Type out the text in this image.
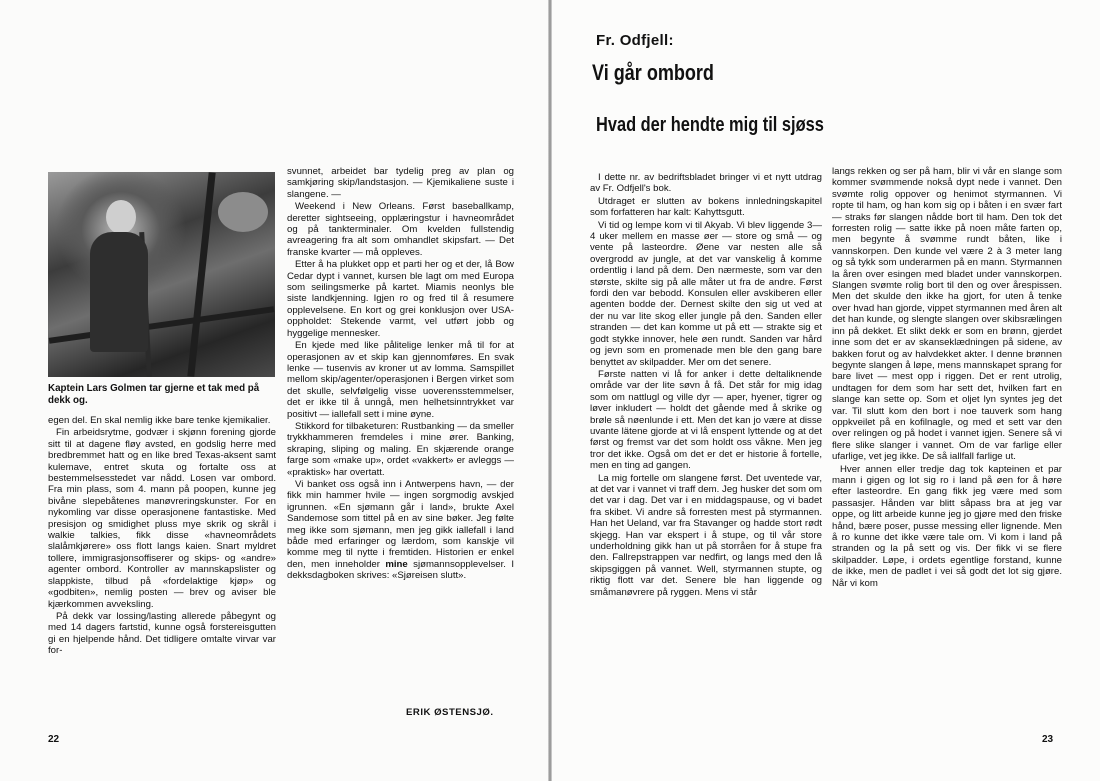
Kaptein Lars Golmen tar gjerne et tak med på dekk og.

egen del. En skal nemlig ikke bare tenke kjemikalier.

Fin arbeidsrytme, godvær i skjønn forening gjorde sitt til at dagene fløy avsted, en godslig herre med bredbremmet hatt og en like bred Texas-aksent samt kulemave, entret skuta og fortalte oss at bestemmelsesstedet var nådd. Losen var ombord. Fra min plass, som 4. mann på poopen, kunne jeg bivåne slepebåtenes manøvreringskunster. For en nykomling var disse operasjonene fantastiske. Med presisjon og smidighet pluss mye skrik og skrål i walkie talkies, fikk disse «havneområdets slalåmkjørere» oss flott langs kaien. Snart myldret tollere, immigrasjonsoffiserer og skips- og «andre» agenter ombord. Kontroller av mannskapslister og slappkiste, tilbud på «fordelaktige kjøp» og «godbiten», nemlig posten — brev og aviser ble kjærkommen avveksling.

På dekk var lossing/lasting allerede påbegynt og med 14 dagers fartstid, kunne også forstereisgutten gi en hjelpende hånd. Det tidligere omtalte virvar var for-

svunnet, arbeidet bar tydelig preg av plan og samkjøring skip/landstasjon. — Kjemikaliene suste i slangene. —

Weekend i New Orleans. Først baseballkamp, deretter sightseeing, opplæringstur i havneområdet og på tankterminaler. Om kvelden fullstendig avreagering fra alt som omhandlet skipsfart. — Det franske kvarter — må oppleves.

Etter å ha plukket opp et parti her og et der, lå Bow Cedar dypt i vannet, kursen ble lagt om med Europa som seilingsmerke på kartet. Miamis neonlys ble siste landkjenning. Igjen ro og fred til å resumere opplevelsene. En kort og grei konklusjon over USA-oppholdet: Stekende varmt, vel utført jobb og hyggelige mennesker.

En kjede med like pålitelige lenker må til for at operasjonen av et skip kan gjennomføres. En svak lenke — tusenvis av kroner ut av lomma. Samspillet mellom skip/agenter/operasjonen i Bergen virket som det skulle, selvfølgelig visse uoverensstemmelser, det er ikke til å unngå, men helhetsinntrykket var positivt — iallefall sett i mine øyne.

Stikkord for tilbaketuren: Rustbanking — da smeller trykkhammeren fremdeles i mine ører. Banking, skraping, sliping og maling. En skjærende orange farge som «make up», ordet «vakkert» er avleggs — «praktisk» har overtatt.

Vi banket oss også inn i Antwerpens havn, — der fikk min hammer hvile — ingen sorgmodig avskjed igrunnen. «En sjømann går i land», brukte Axel Sandemose som tittel på en av sine bøker. Jeg følte meg ikke som sjømann, men jeg gikk iallefall i land både med erfaringer og lærdom, som kanskje vil komme meg til nytte i fremtiden. Historien er enkel den, men inneholder mine sjømannsopplevelser. I dekksdagboken skrives: «Sjøreisen slutt».

ERIK ØSTENSJØ.
22
Fr. Odfjell:
Vi går ombord
Hvad der hendte mig til sjøss

I dette nr. av bedriftsbladet bringer vi et nytt utdrag av Fr. Odfjell's bok.

Utdraget er slutten av bokens innledningskapitel som forfatteren har kalt: Kahyttsgutt.

Vi tid og lempe kom vi til Akyab. Vi blev liggende 3—4 uker mellem en masse øer — store og små — og vente på lasteordre. Øene var nesten alle så overgrodd av jungle, at det var vanskelig å komme ordentlig i land på dem. Den nærmeste, som var den største, skilte sig på alle måter ut fra de andre. Først fordi den var bebodd. Konsulen eller avskiberen eller agenten bodde der. Dernest skilte den sig ut ved at der nu var lite skog eller jungle på den. Sanden eller stranden — det kan komme ut på ett — strakte sig et godt stykke innover, hele øen rundt. Sanden var hård og jevn som en promenade men ble den gang bare benyttet av skilpadder. Mer om det senere.

Første natten vi lå for anker i dette deltaliknende område var der lite søvn å få. Det står for mig idag som om nattlugl og ville dyr — aper, hyener, tigrer og løver inkludert — holdt det gående med å skrike og brøle så nøenlunde i ett. Men det kan jo være at disse uvante lätene gjorde at vi lå enspent lyttende og at det først og fremst var det som holdt oss våkne. Men jeg tror det ikke. Også om det er det er historie å fortelle, men en ting ad gangen.

La mig fortelle om slangene først. Det uventede var, at det var i vannet vi traff dem. Jeg husker det som om det var i dag. Det var i en middagspause, og vi badet fra skibet. Vi andre så forresten mest på styrmannen. Han het Ueland, var fra Stavanger og hadde stort rødt skjegg. Han var ekspert i å stupe, og til vår store underholdning gikk han ut på storråen for å stupe fra den. Fallrepstrappen var nedfirt, og langs med den lå skipsgiggen på vannet. Well, styrmannen stupte, og riktig flott var det. Senere ble han liggende og småmanøvrere på ryggen. Mens vi står

langs rekken og ser på ham, blir vi vår en slange som kommer svømmende nokså dypt nede i vannet. Den svømte rolig oppover og henimot styrmannen. Vi ropte til ham, og han kom sig op i båten i en svær fart — straks før slangen nådde bort til ham. Den tok det forresten rolig — satte ikke på noen måte farten op, men begynte å svømme rundt båten, like i vannskorpen. Den kunde vel være 2 à 3 meter lang og så tykk som underarmen på en mann. Styrmannen la åren over esingen med bladet under vannskorpen. Slangen svømte rolig bort til den og over årespissen. Men det skulde den ikke ha gjort, for uten å tenke over hvad han gjorde, vippet styrmannen med åren alt det han kunde, og slengte slangen over skibsrælingen inn på dekket. Et slikt dekk er som en brønn, gjerdet inne som det er av skanseklædningen på sidene, av bakken forut og av halvdekket akter. I denne brønnen begynte slangen å løpe, mens mannskapet sprang for bare livet — mest opp i riggen. Det er rent utrolig, undtagen for dem som har sett det, hvilken fart en slange kan sette op. Som et oljet lyn syntes jeg det var. Til slutt kom den bort i noe tauverk som hang oppkveilet på en kofilnagle, og med et sett var den over relingen og på hodet i vannet igjen. Senere så vi flere slike slanger i vannet. Om de var farlige eller ufarlige, vet jeg ikke. De så iallfall farlige ut.

Hver annen eller tredje dag tok kapteinen et par mann i gigen og lot sig ro i land på øen for å høre efter lasteordre. En gang fikk jeg være med som passasjer. Hånden var blitt såpass bra at jeg var oppe, og litt arbeide kunne jeg jo gjøre med den friske hånd, bære poser, pusse messing eller lignende. Men å ro kunne det ikke være tale om. Vi kom i land på stranden og la på sett og vis. Der fikk vi se flere skilpadder. Løpe, i ordets egentlige forstand, kunne de ikke, men de padlet i vei så godt det lot sig gjøre. Når vi kom

23
